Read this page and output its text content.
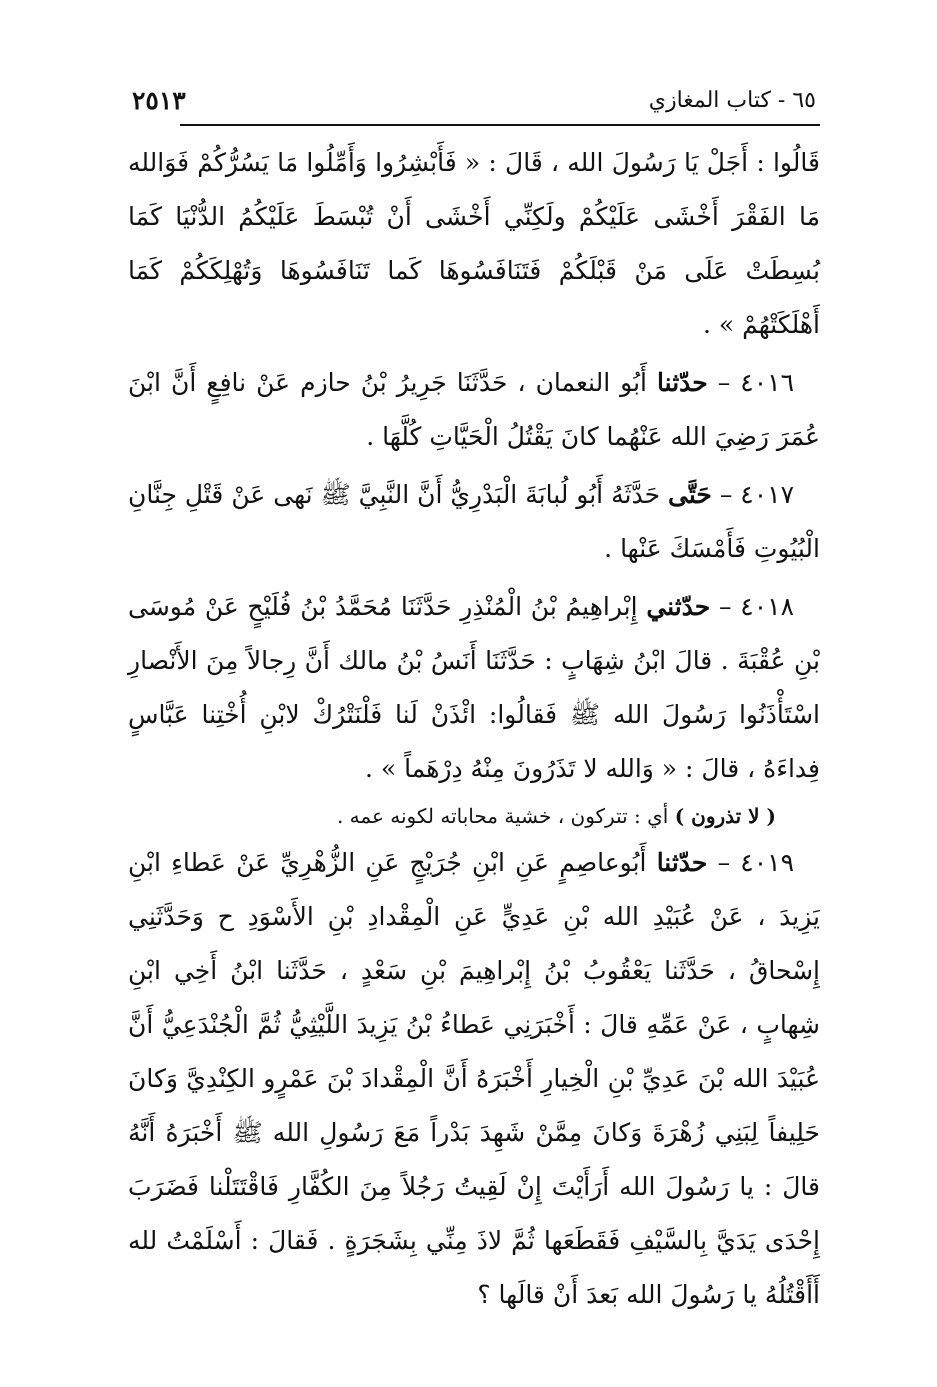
٢٥١٣	٦٥ - كتاب المغازي

قَالُوا : أَجَلْ يَا رَسُولَ الله ، قَالَ : « فَأَبْشِرُوا وَأَمِّلُوا مَا يَسُرُّكُمْ فَوَالله مَا الفَقْرَ أَخْشَى عَلَيْكُمْ ولَكِنِّي أَخْشَى أَنْ تُبْسَطَ عَلَيْكُمُ الدُّنْيَا كَمَا بُسِطَتْ عَلَى مَنْ قَبْلَكُمْ فَتَنَافَسُوهَا كَما تَنَافَسُوهَا وَتُهْلِكَكُمْ كَمَا أَهْلَكَتْهُمْ » .

٤٠١٦ – حدّثنا أَبُو النعمان ، حَدَّثَنَا جَرِيرُ بْنُ حازم عَنْ نافِعٍ أَنَّ ابْنَ عُمَرَ رَضِيَ الله عَنْهُما كانَ يَقْتُلُ الْحَيَّاتِ كُلَّهَا .

٤٠١٧ – حَتَّى حَدَّثَهُ أَبُو لُبابَةَ الْبَدْرِيُّ أَنَّ النَّبِيَّ ﷺ نَهى عَنْ قَتْلِ جِنَّانِ الْبُيُوتِ فَأَمْسَكَ عَنْها .

٤٠١٨ – حدّثني إِبْراهِيمُ بْنُ الْمُنْذِرِ حَدَّثَنَا مُحَمَّدُ بْنُ فُلَيْحٍ عَنْ مُوسَى بْنِ عُقْبَةَ . قالَ ابْنُ شِهَابٍ : حَدَّثَنَا أَنَسُ بْنُ مالك أَنَّ رِجالاً مِنَ الأَنْصارِ اسْتَأْذَنُوا رَسُولَ الله ﷺ فَقالُوا: ائْذَنْ لَنا فَلْنَتْرُكْ لابْنِ أُخْتِنا عَبَّاسٍ فِداءَهُ ، قالَ : « وَالله لا تَذَرُونَ مِنْهُ دِرْهَماً » .

( لا تذرون ) أي : تتركون ، خشية محاباته لكونه عمه .

٤٠١٩ – حدّثنا أَبُوعاصِمٍ عَنِ ابْنِ جُرَيْجٍ عَنِ الزُّهْرِيِّ عَنْ عَطاءِ ابْنِ يَزِيدَ ، عَنْ عُبَيْدِ الله بْنِ عَدِيٍّ عَنِ الْمِقْدادِ بْنِ الأَسْوَدِ ح وَحَدَّثَنِي إِسْحاقُ ، حَدَّثَنا يَعْقُوبُ بْنُ إِبْراهِيمَ بْنِ سَعْدٍ ، حَدَّثَنا ابْنُ أَخِي ابْنِ شِهابٍ ، عَنْ عَمِّهِ قالَ : أَخْبَرَنِي عَطاءُ بْنُ يَزِيدَ اللَّيْثِيُّ ثُمَّ الْجُنْدَعِيُّ أَنَّ عُبَيْدَ الله بْنَ عَدِيِّ بْنِ الْخِيارِ أَخْبَرَهُ أَنَّ الْمِقْدادَ بْنَ عَمْرٍو الكِنْدِيَّ وَكانَ حَلِيفاً لِبَنِي زُهْرَةَ وَكانَ مِمَّنْ شَهِدَ بَدْراً مَعَ رَسُولِ الله ﷺ أَخْبَرَهُ أَنَّهُ قالَ : يا رَسُولَ الله أَرَأَيْتَ إِنْ لَقِيتُ رَجُلاً مِنَ الكُفَّارِ فَاقْتَتَلْنا فَضَرَبَ إِحْدَى يَدَيَّ بِالسَّيْفِ فَقَطَعَها ثُمَّ لاذَ مِنِّي بِشَجَرَةٍ . فَقالَ : أَسْلَمْتُ لله أَأَقْتُلُهُ يا رَسُولَ الله بَعدَ أَنْ قالَها ؟
